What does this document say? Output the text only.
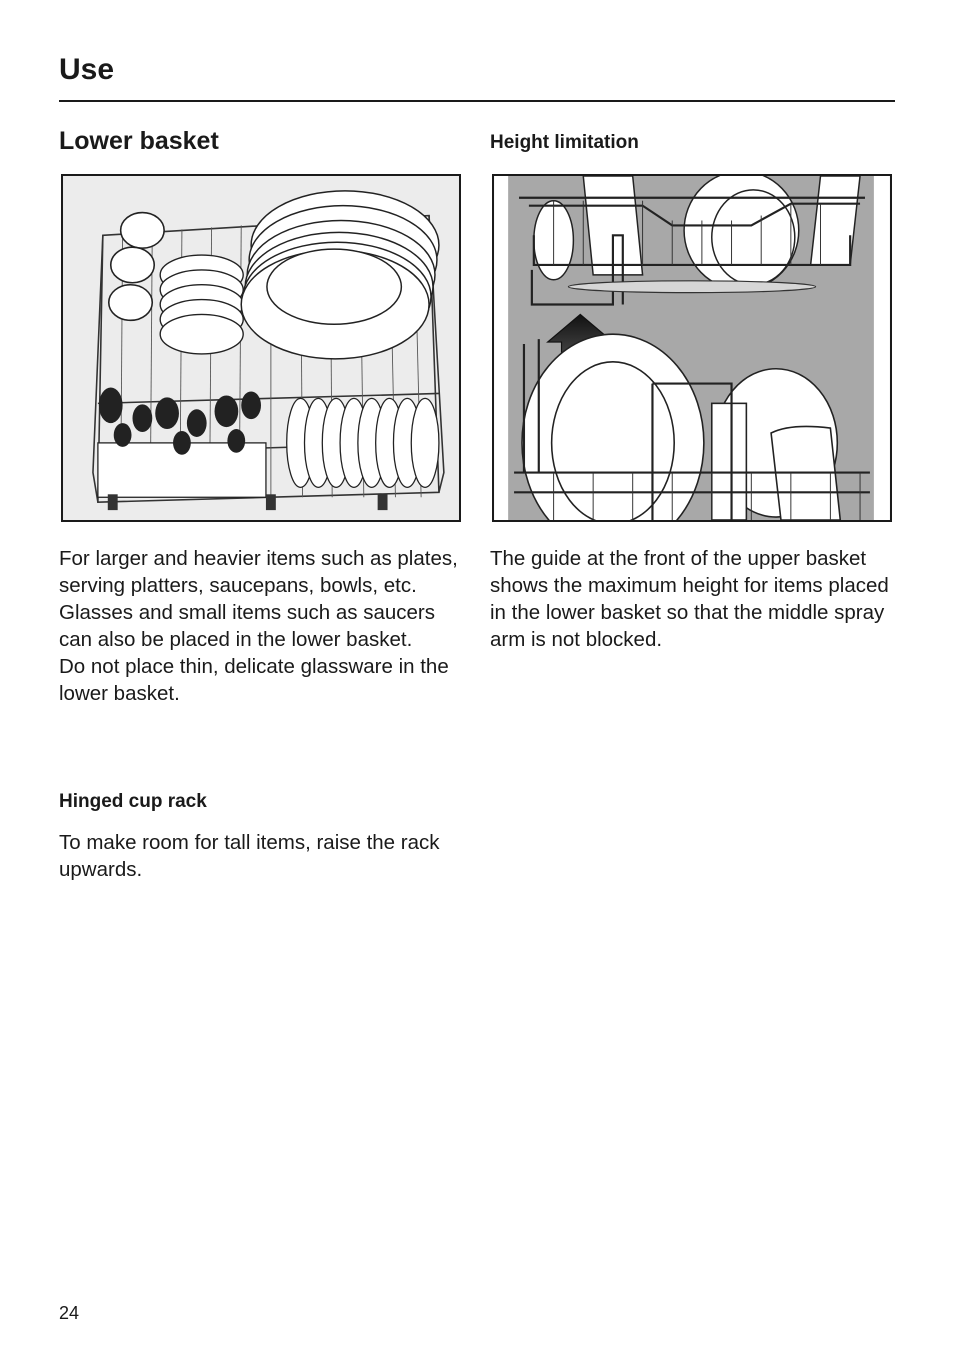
Use
Lower basket

For larger and heavier items such as plates, serving platters, saucepans, bowls, etc.
Glasses and small items such as saucers can also be placed in the lower basket.
Do not place thin, delicate glassware in the lower basket.

Hinged cup rack

To make room for tall items, raise the rack upwards.

Height limitation

The guide at the front of the upper basket shows the maximum height for items placed in the lower basket so that the middle spray arm is not blocked.

24
